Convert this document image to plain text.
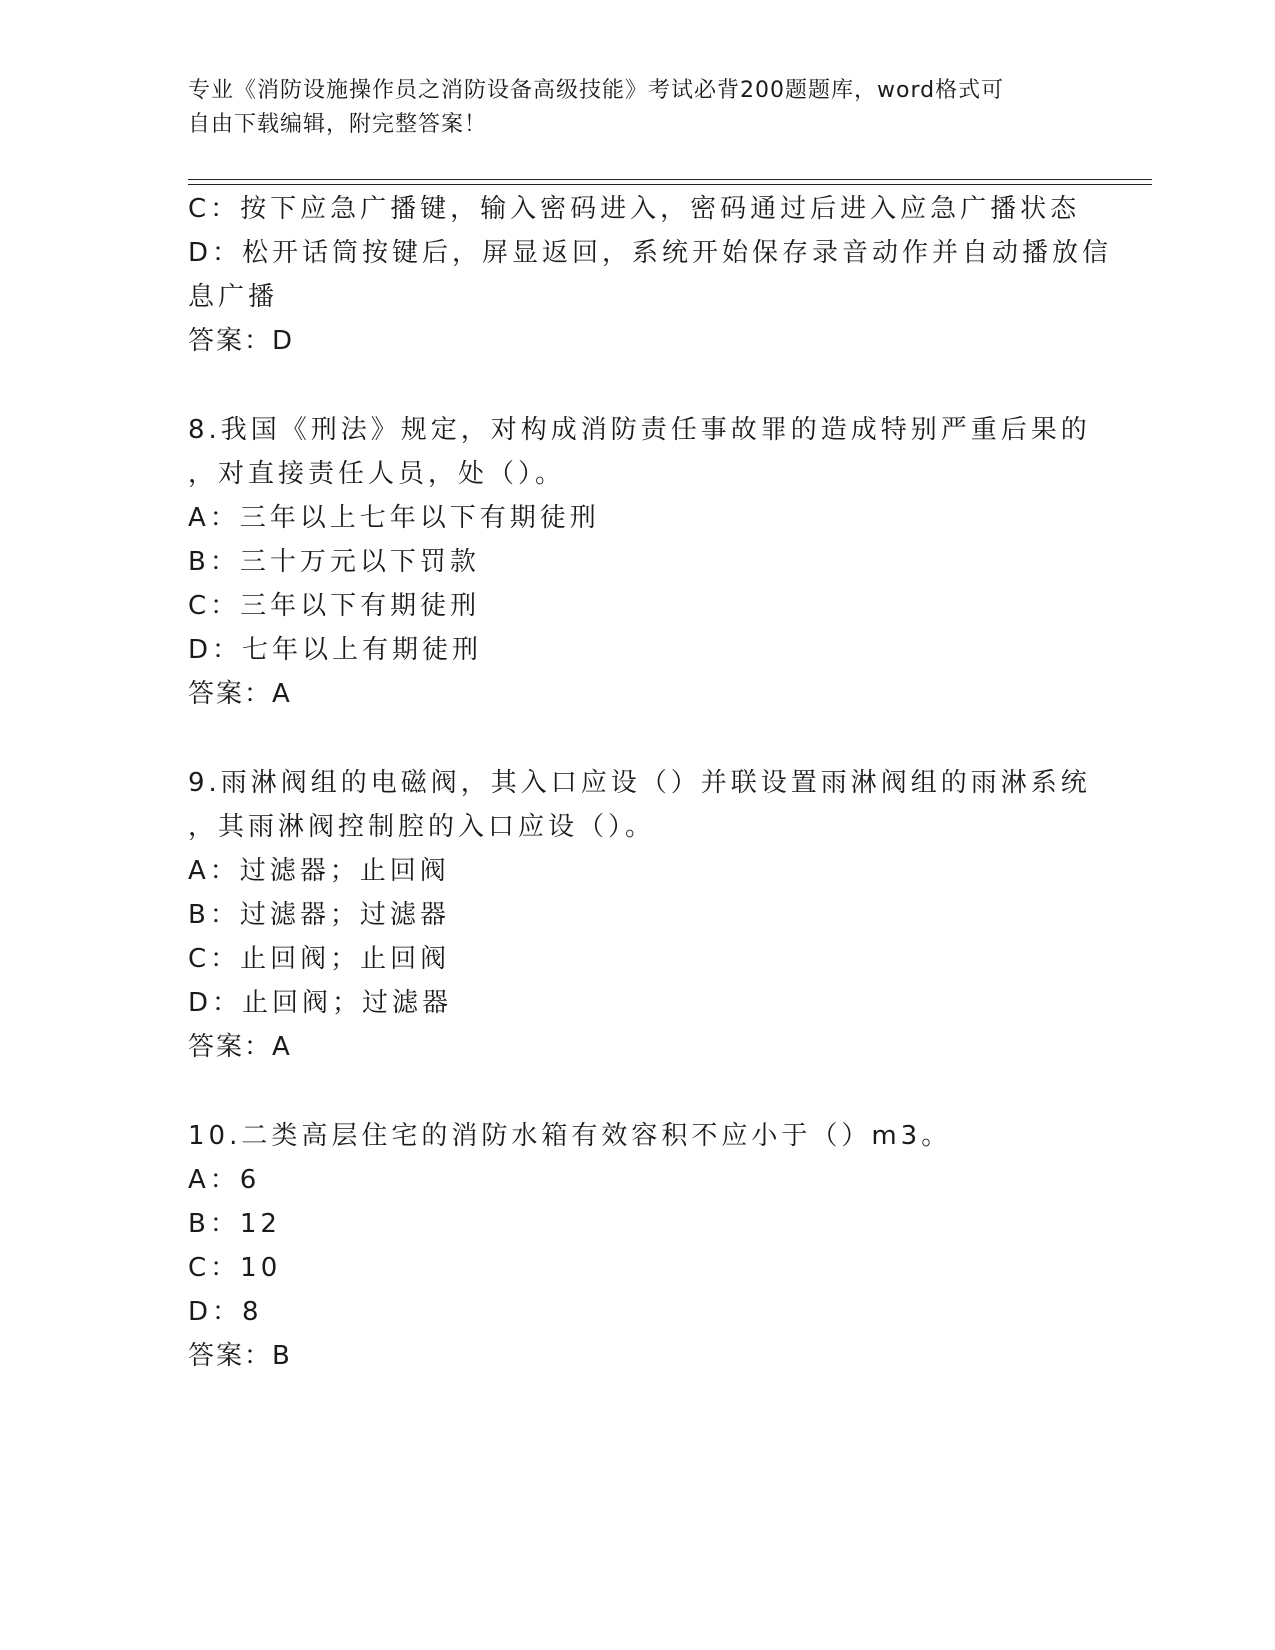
专业《消防设施操作员之消防设备高级技能》考试必背200题题库，word格式可
自由下载编辑，附完整答案！
C：按下应急广播键，输入密码进入，密码通过后进入应急广播状态
D：松开话筒按键后，屏显返回，系统开始保存录音动作并自动播放信
息广播
答案：D
8.我国《刑法》规定，对构成消防责任事故罪的造成特别严重后果的
，对直接责任人员，处（）。
A：三年以上七年以下有期徒刑
B：三十万元以下罚款
C：三年以下有期徒刑
D：七年以上有期徒刑
答案：A
9.雨淋阀组的电磁阀，其入口应设（）并联设置雨淋阀组的雨淋系统
，其雨淋阀控制腔的入口应设（）。
A：过滤器；止回阀
B：过滤器；过滤器
C：止回阀；止回阀
D：止回阀；过滤器
答案：A
10.二类高层住宅的消防水箱有效容积不应小于（）m3。
A：6
B：12
C：10
D：8
答案：B
